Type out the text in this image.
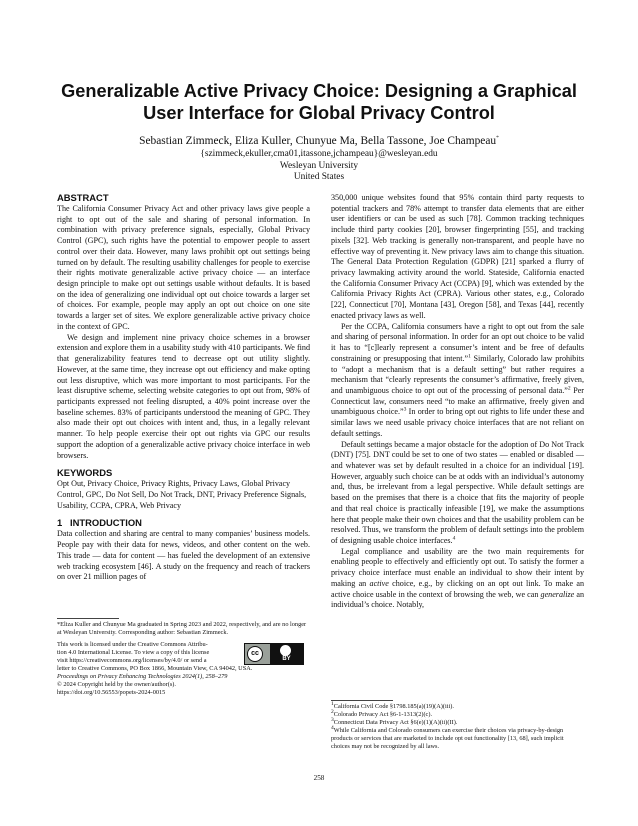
Generalizable Active Privacy Choice: Designing a Graphical User Interface for Global Privacy Control
Sebastian Zimmeck, Eliza Kuller, Chunyue Ma, Bella Tassone, Joe Champeau*
{szimmeck,ekuller,cma01,itassone,jchampeau}@wesleyan.edu
Wesleyan University
United States
ABSTRACT

The California Consumer Privacy Act and other privacy laws give people a right to opt out of the sale and sharing of personal information. In combination with privacy preference signals, especially, Global Privacy Control (GPC), such rights have the potential to empower people to assert control over their data. However, many laws prohibit opt out settings being turned on by default. The resulting usability challenges for people to exercise their rights motivate generalizable active privacy choice — an interface design principle to make opt out settings usable without defaults. It is based on the idea of generalizing one individual opt out choice towards a larger set of choices. For example, people may apply an opt out choice on one site towards a larger set of sites. We explore generalizable active privacy choice in the context of GPC.

We design and implement nine privacy choice schemes in a browser extension and explore them in a usability study with 410 participants. We find that generalizability features tend to decrease opt out utility slightly. However, at the same time, they increase opt out efficiency and make opting out less disruptive, which was more important to most participants. For the least disruptive scheme, selecting website categories to opt out from, 98% of participants expressed not feeling disrupted, a 40% point increase over the baseline schemes. 83% of participants understood the meaning of GPC. They also made their opt out choices with intent and, thus, in a legally relevant manner. To help people exercise their opt out rights via GPC our results support the adoption of a generalizable active privacy choice interface in web browsers.

KEYWORDS

Opt Out, Privacy Choice, Privacy Rights, Privacy Laws, Global Privacy Control, GPC, Do Not Sell, Do Not Track, DNT, Privacy Preference Signals, Usability, CCPA, CPRA, Web Privacy

1   INTRODUCTION

Data collection and sharing are central to many companies’ business models. People pay with their data for news, videos, and other content on the web. This trade — data for content — has fueled the development of an extensive web tracking ecosystem [46]. A study on the frequency and reach of trackers on over 21 million pages of

*Eliza Kuller and Chunyue Ma graduated in Spring 2023 and 2022, respectively, and are no longer at Wesleyan University. Corresponding author: Sebastian Zimmeck.

This work is licensed under the Creative Commons Attribu-
tion 4.0 International License. To view a copy of this license
visit https://creativecommons.org/licenses/by/4.0/ or send a
letter to Creative Commons, PO Box 1866, Mountain View, CA 94042, USA.
Proceedings on Privacy Enhancing Technologies 2024(1), 258–279
© 2024 Copyright held by the owner/author(s).
https://doi.org/10.56553/popets-2024-0015
cc
BY

350,000 unique websites found that 95% contain third party requests to potential trackers and 78% attempt to transfer data elements that are either user identifiers or can be used as such [78]. Common tracking techniques include third party cookies [20], browser fingerprinting [55], and tracking pixels [32]. Web tracking is generally non-transparent, and people have no effective way of preventing it. New privacy laws aim to change this situation. The General Data Protection Regulation (GDPR) [21] sparked a flurry of privacy lawmaking activity around the world. Stateside, California enacted the California Consumer Privacy Act (CCPA) [9], which was extended by the California Privacy Rights Act (CPRA). Various other states, e.g., Colorado [22], Connecticut [70], Montana [43], Oregon [58], and Texas [44], recently enacted privacy laws as well.

Per the CCPA, California consumers have a right to opt out from the sale and sharing of personal information. In order for an opt out choice to be valid it has to “[c]learly represent a consumer’s intent and be free of defaults constraining or presupposing that intent.”$^1$ Similarly, Colorado law prohibits to “adopt a mechanism that is a default setting” but rather requires a mechanism that “clearly represents the consumer’s affirmative, freely given, and unambiguous choice to opt out of the processing of personal data.”$^2$ Per Connecticut law, consumers need “to make an affirmative, freely given and unambiguous choice.”$^3$ In order to bring opt out rights to life under these and similar laws we need usable privacy choice interfaces that are not reliant on default settings.

Default settings became a major obstacle for the adoption of Do Not Track (DNT) [75]. DNT could be set to one of two states — enabled or disabled — and whatever was set by default resulted in a choice for an individual [19]. However, arguably such choice can be at odds with an individual’s autonomy and, thus, be irrelevant from a legal perspective. While default settings are based on the premises that there is a choice that fits the majority of people and that real choice is practically infeasible [19], we make the assumptions here that people make their own choices and that the usability problem can be resolved. Thus, we transform the problem of default settings into the problem of designing usable choice interfaces.$^4$

Legal compliance and usability are the two main requirements for enabling people to effectively and efficiently opt out. To satisfy the former a privacy choice interface must enable an individual to show their intent by making an active choice, e.g., by clicking on an opt out link. To make an active choice usable in the context of browsing the web, we can generalize an individual’s choice. Notably,

$^1$California Civil Code §1798.185(a)(19)(A)(iii).

$^2$Colorado Privacy Act §6-1-1313(2)(c).

$^3$Connecticut Data Privacy Act §6(e)(1)(A)(ii)(II).

$^4$While California and Colorado consumers can exercise their choices via privacy-by-design products or services that are marketed to include opt out functionality [13, 68], such implicit choices may not be recognized by all laws.

258
